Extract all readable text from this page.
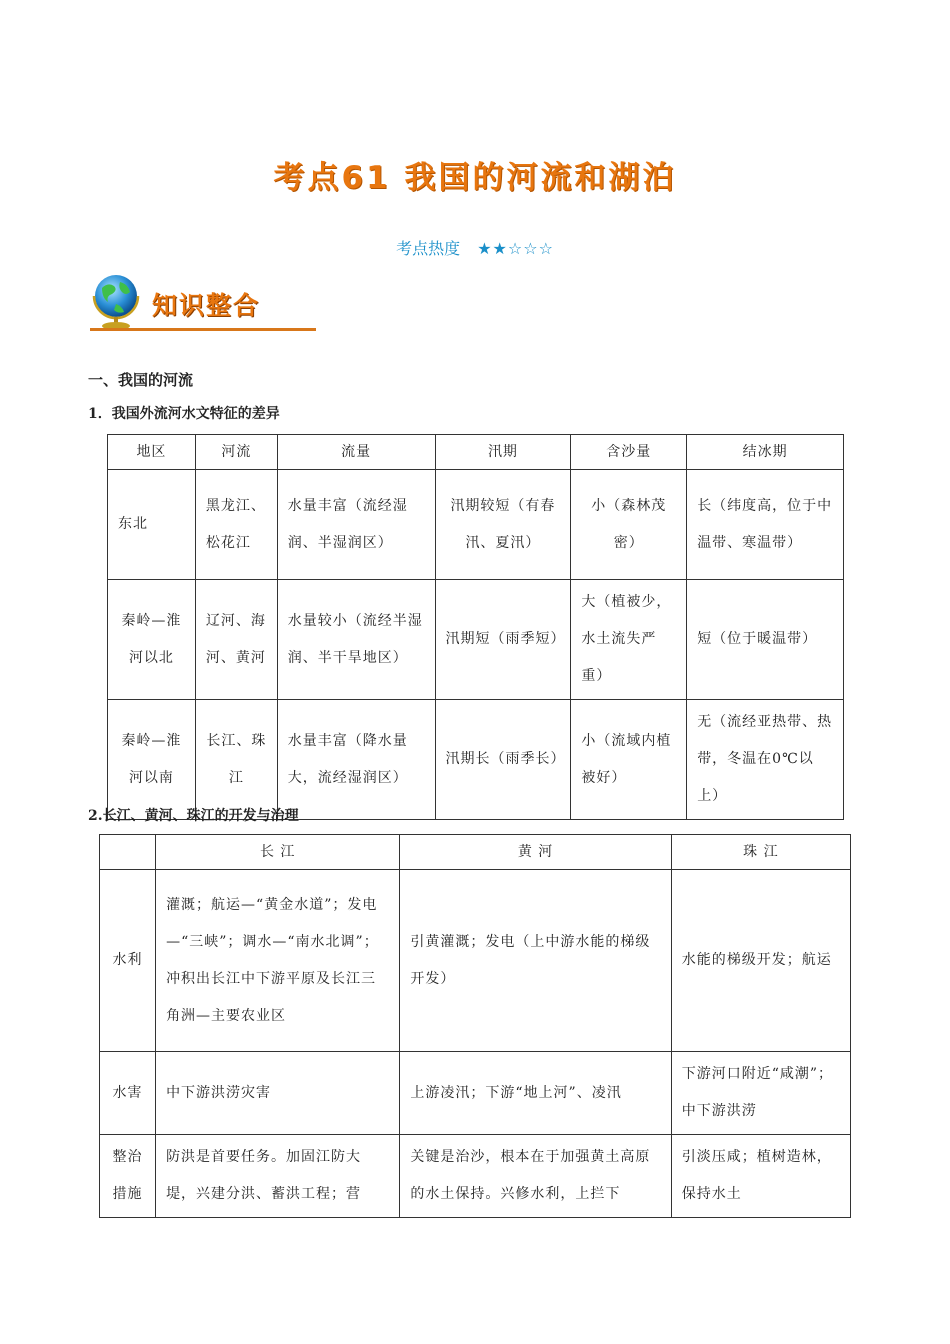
考点61 我国的河流和湖泊
考点热度 ★★☆☆☆
知识整合
一、我国的河流
1．我国外流河水文特征的差异
地区	河流	流量	汛期	含沙量	结冰期
东北	黑龙江、松花江	水量丰富（流经湿润、半湿润区）	汛期较短（有春汛、夏汛）	小（森林茂密）	长（纬度高，位于中温带、寒温带）
秦岭—淮河以北	辽河、海河、黄河	水量较小（流经半湿润、半干旱地区）	汛期短（雨季短）	大（植被少，水土流失严重）	短（位于暖温带）
秦岭—淮河以南	长江、珠江	水量丰富（降水量大，流经湿润区）	汛期长（雨季长）	小（流域内植被好）	无（流经亚热带、热带，冬温在0℃以上）
2.长江、黄河、珠江的开发与治理
	长 江	黄 河	珠 江
水利	灌溉；航运—“黄金水道”；发电—“三峡”；调水—“南水北调”；冲积出长江中下游平原及长江三角洲—主要农业区	引黄灌溉；发电（上中游水能的梯级开发）	水能的梯级开发；航运
水害	中下游洪涝灾害	上游凌汛；下游“地上河”、凌汛	下游河口附近“咸潮”；中下游洪涝
整治措施	防洪是首要任务。加固江防大堤，兴建分洪、蓄洪工程；营	关键是治沙，根本在于加强黄土高原的水土保持。兴修水利，上拦下	引淡压咸；植树造林，保持水土
